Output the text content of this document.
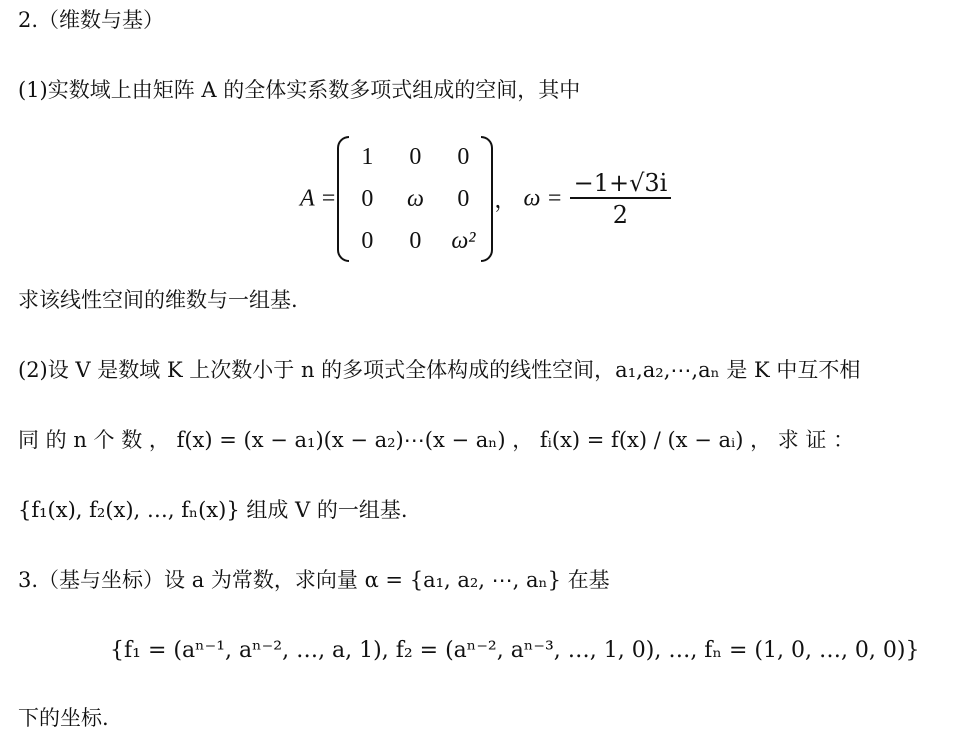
2.（维数与基）
(1)实数域上由矩阵 A 的全体实系数多项式组成的空间，其中
A =
1	0	0
0	ω	0
0	0	ω²
， $\omega = \frac{-1+√3i}{2}$
求该线性空间的维数与一组基.
(2)设 V 是数域 K 上次数小于 n 的多项式全体构成的线性空间，a₁,a₂,⋯,aₙ 是 K 中互不相
同 的 n 个 数 ， f(x) = (x − a₁)(x − a₂)⋯(x − aₙ) ， fᵢ(x) = f(x) / (x − aᵢ) ， 求 证 ：
{f₁(x), f₂(x), …, fₙ(x)} 组成 V 的一组基.
3.（基与坐标）设 a 为常数，求向量 α = {a₁, a₂, ⋯, aₙ} 在基
{f₁ = (aⁿ⁻¹, aⁿ⁻², …, a, 1), f₂ = (aⁿ⁻², aⁿ⁻³, …, 1, 0), …, fₙ = (1, 0, …, 0, 0)}
下的坐标.
